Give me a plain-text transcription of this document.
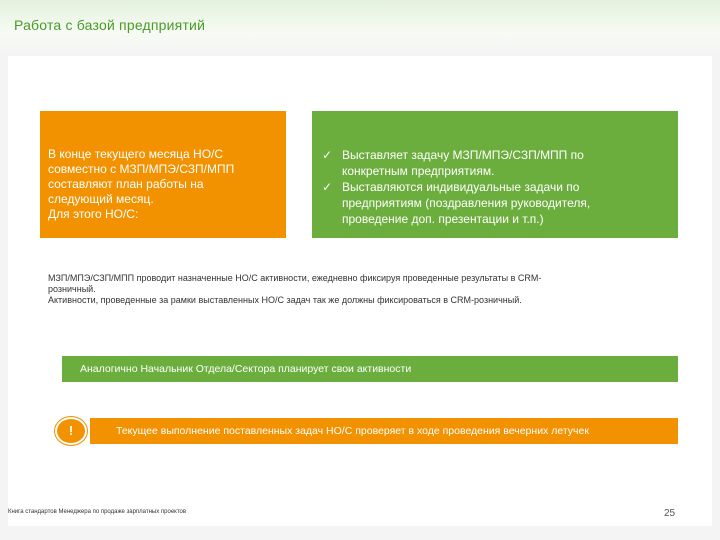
Работа с базой предприятий
В конце текущего месяца НО/С
совместно с МЗП/МПЭ/СЗП/МПП
составляют план работы на
следующий месяц.
Для этого НО/С:
✓ Выставляет задачу МЗП/МПЭ/СЗП/МПП по
конкретным предприятиям.
✓ Выставляются индивидуальные задачи по
предприятиям (поздравления руководителя,
проведение доп. презентации и т.п.)
МЗП/МПЭ/СЗП/МПП проводит назначенные НО/С активности, ежедневно фиксируя проведенные результаты в CRM-
розничный.
Активности, проведенные за рамки выставленных НО/С задач так же должны фиксироваться в CRM-розничный.
Аналогично Начальник Отдела/Сектора планирует свои активности
Текущее выполнение поставленных задач НО/С проверяет в ходе проведения вечерних летучек
!
Книга стандартов Менеджера по продаже зарплатных проектов	25
